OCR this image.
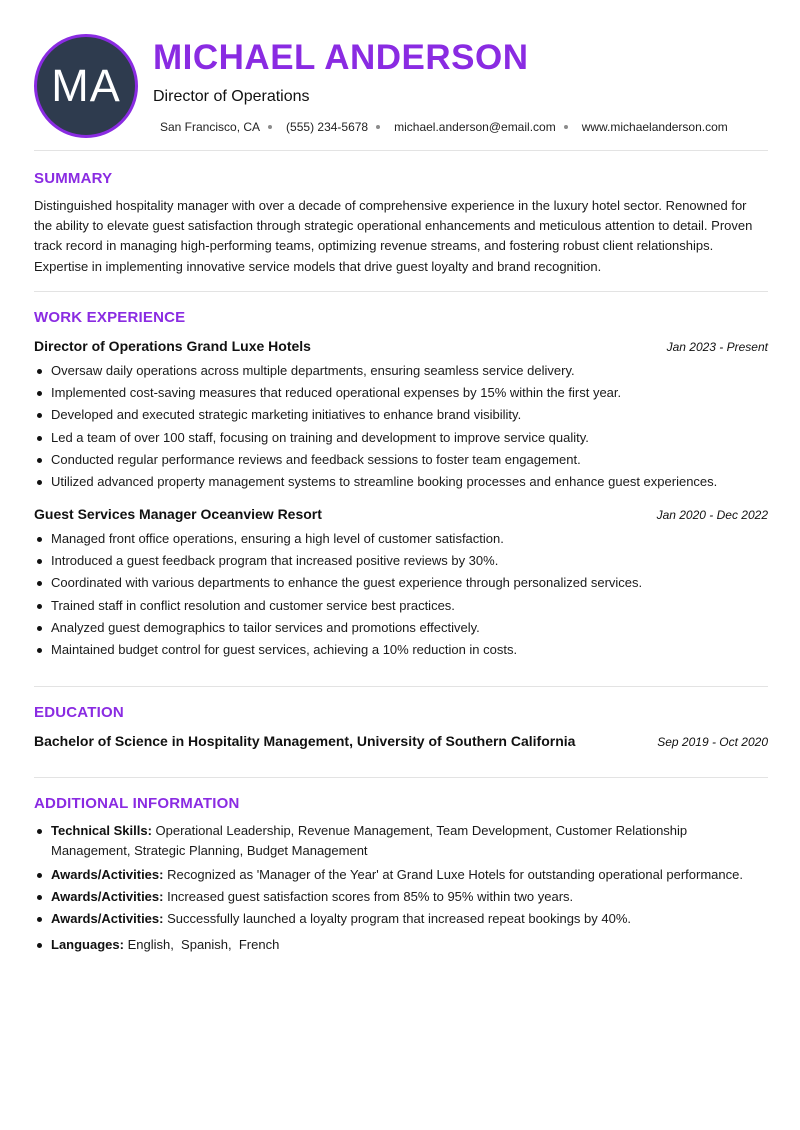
MA
MICHAEL ANDERSON
Director of Operations
San Francisco, CA (555) 234-5678 michael.anderson@email.com www.michaelanderson.com
SUMMARY
Distinguished hospitality manager with over a decade of comprehensive experience in the luxury hotel sector. Renowned for the ability to elevate guest satisfaction through strategic operational enhancements and meticulous attention to detail. Proven track record in managing high-performing teams, optimizing revenue streams, and fostering robust client relationships. Expertise in implementing innovative service models that drive guest loyalty and brand recognition.
WORK EXPERIENCE
Director of Operations Grand Luxe Hotels	Jan 2023 - Present
Oversaw daily operations across multiple departments, ensuring seamless service delivery.
Implemented cost-saving measures that reduced operational expenses by 15% within the first year.
Developed and executed strategic marketing initiatives to enhance brand visibility.
Led a team of over 100 staff, focusing on training and development to improve service quality.
Conducted regular performance reviews and feedback sessions to foster team engagement.
Utilized advanced property management systems to streamline booking processes and enhance guest experiences.
Guest Services Manager Oceanview Resort	Jan 2020 - Dec 2022
Managed front office operations, ensuring a high level of customer satisfaction.
Introduced a guest feedback program that increased positive reviews by 30%.
Coordinated with various departments to enhance the guest experience through personalized services.
Trained staff in conflict resolution and customer service best practices.
Analyzed guest demographics to tailor services and promotions effectively.
Maintained budget control for guest services, achieving a 10% reduction in costs.
EDUCATION
Bachelor of Science in Hospitality Management, University of Southern California	Sep 2019 - Oct 2020
ADDITIONAL INFORMATION
Technical Skills: Operational Leadership, Revenue Management, Team Development, Customer Relationship Management, Strategic Planning, Budget Management
Awards/Activities: Recognized as 'Manager of the Year' at Grand Luxe Hotels for outstanding operational performance.
Awards/Activities: Increased guest satisfaction scores from 85% to 95% within two years.
Awards/Activities: Successfully launched a loyalty program that increased repeat bookings by 40%.
Languages: English,  Spanish,  French
